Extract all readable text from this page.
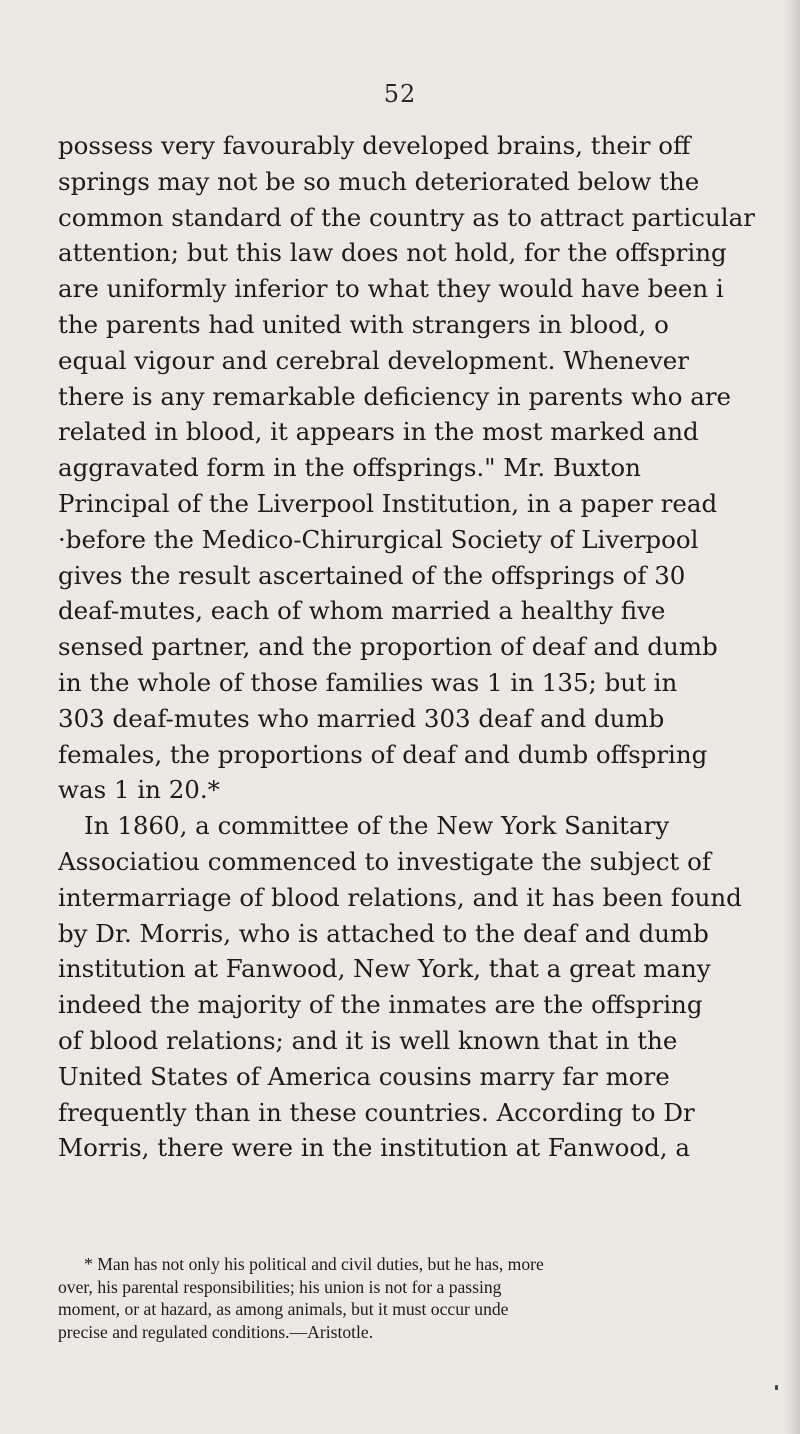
52
possess very favourably developed brains, their off
springs may not be so much deteriorated below the
common standard of the country as to attract particular
attention; but this law does not hold, for the offspring
are uniformly inferior to what they would have been i
the parents had united with strangers in blood, o
equal vigour and cerebral development. Whenever
there is any remarkable deficiency in parents who are
related in blood, it appears in the most marked and
aggravated form in the offsprings." Mr. Buxton
Principal of the Liverpool Institution, in a paper read
·before the Medico-Chirurgical Society of Liverpool
gives the result ascertained of the offsprings of 30
deaf-mutes, each of whom married a healthy five
sensed partner, and the proportion of deaf and dumb
in the whole of those families was 1 in 135; but in
303 deaf-mutes who married 303 deaf and dumb
females, the proportions of deaf and dumb offspring
was 1 in 20.*
In 1860, a committee of the New York Sanitary
Associatiou commenced to investigate the subject of
intermarriage of blood relations, and it has been found
by Dr. Morris, who is attached to the deaf and dumb
institution at Fanwood, New York, that a great many
indeed the majority of the inmates are the offspring
of blood relations; and it is well known that in the
United States of America cousins marry far more
frequently than in these countries. According to Dr
Morris, there were in the institution at Fanwood, a
* Man has not only his political and civil duties, but he has, more
over, his parental responsibilities; his union is not for a passing
moment, or at hazard, as among animals, but it must occur unde
precise and regulated conditions.—Aristotle.
